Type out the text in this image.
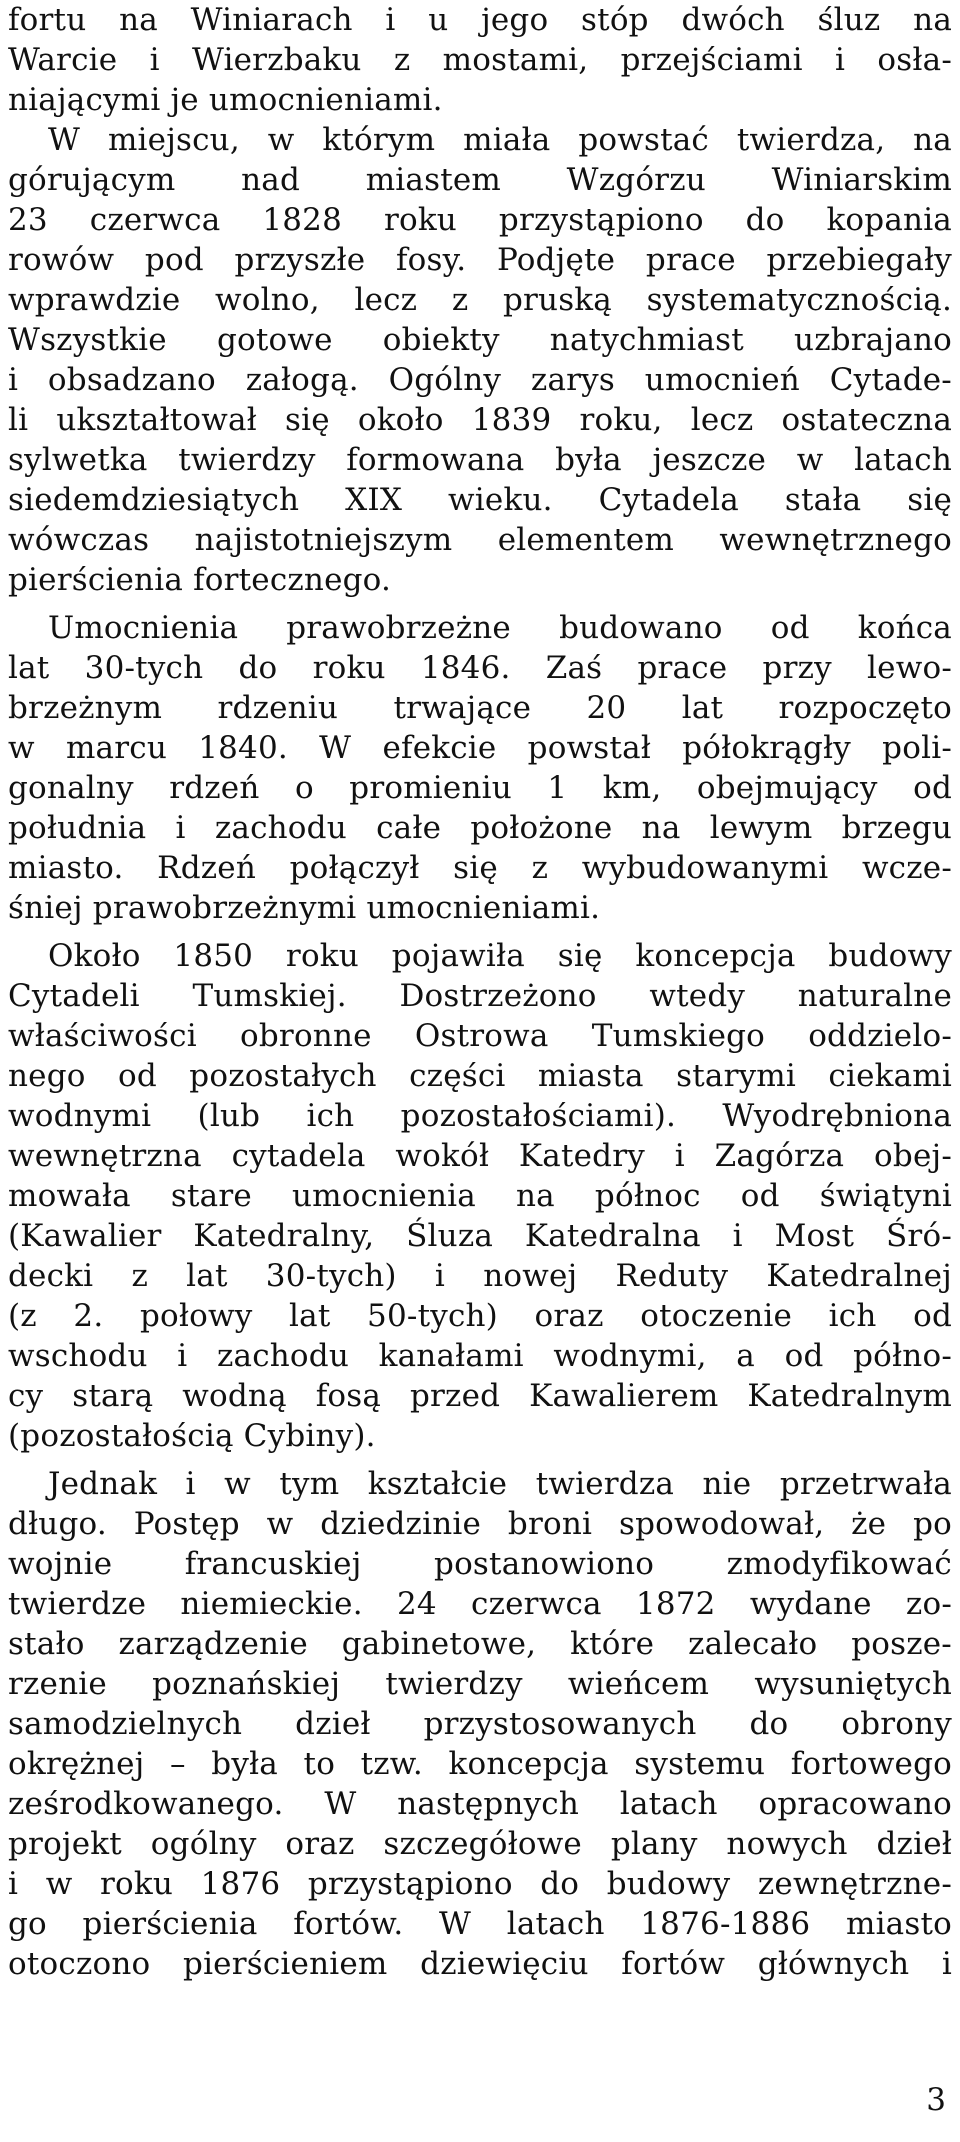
fortu na Winiarach i u jego stóp dwóch śluz na
Warcie i Wierzbaku z mostami, przejściami i osła-
niającymi je umocnieniami.
W miejscu, w którym miała powstać twierdza, na
górującym nad miastem Wzgórzu Winiarskim
23 czerwca 1828 roku przystąpiono do kopania
rowów pod przyszłe fosy. Podjęte prace przebiegały
wprawdzie wolno, lecz z pruską systematycznością.
Wszystkie gotowe obiekty natychmiast uzbrajano
i obsadzano załogą. Ogólny zarys umocnień Cytade-
li ukształtował się około 1839 roku, lecz ostateczna
sylwetka twierdzy formowana była jeszcze w latach
siedemdziesiątych XIX wieku. Cytadela stała się
wówczas najistotniejszym elementem wewnętrznego
pierścienia fortecznego.
Umocnienia prawobrzeżne budowano od końca
lat 30-tych do roku 1846. Zaś prace przy lewo-
brzeżnym rdzeniu trwające 20 lat rozpoczęto
w marcu 1840. W efekcie powstał półokrągły poli-
gonalny rdzeń o promieniu 1 km, obejmujący od
południa i zachodu całe położone na lewym brzegu
miasto. Rdzeń połączył się z wybudowanymi wcze-
śniej prawobrzeżnymi umocnieniami.
Około 1850 roku pojawiła się koncepcja budowy
Cytadeli Tumskiej. Dostrzeżono wtedy naturalne
właściwości obronne Ostrowa Tumskiego oddzielo-
nego od pozostałych części miasta starymi ciekami
wodnymi (lub ich pozostałościami). Wyodrębniona
wewnętrzna cytadela wokół Katedry i Zagórza obej-
mowała stare umocnienia na północ od świątyni
(Kawalier Katedralny, Śluza Katedralna i Most Śró-
decki z lat 30-tych) i nowej Reduty Katedralnej
(z 2. połowy lat 50-tych) oraz otoczenie ich od
wschodu i zachodu kanałami wodnymi, a od półno-
cy starą wodną fosą przed Kawalierem Katedralnym
(pozostałością Cybiny).
Jednak i w tym kształcie twierdza nie przetrwała
długo. Postęp w dziedzinie broni spowodował, że po
wojnie francuskiej postanowiono zmodyfikować
twierdze niemieckie. 24 czerwca 1872 wydane zo-
stało zarządzenie gabinetowe, które zalecało posze-
rzenie poznańskiej twierdzy wieńcem wysuniętych
samodzielnych dzieł przystosowanych do obrony
okrężnej – była to tzw. koncepcja systemu fortowego
ześrodkowanego. W następnych latach opracowano
projekt ogólny oraz szczegółowe plany nowych dzieł
i w roku 1876 przystąpiono do budowy zewnętrzne-
go pierścienia fortów. W latach 1876-1886 miasto
otoczono pierścieniem dziewięciu fortów głównych i
3
